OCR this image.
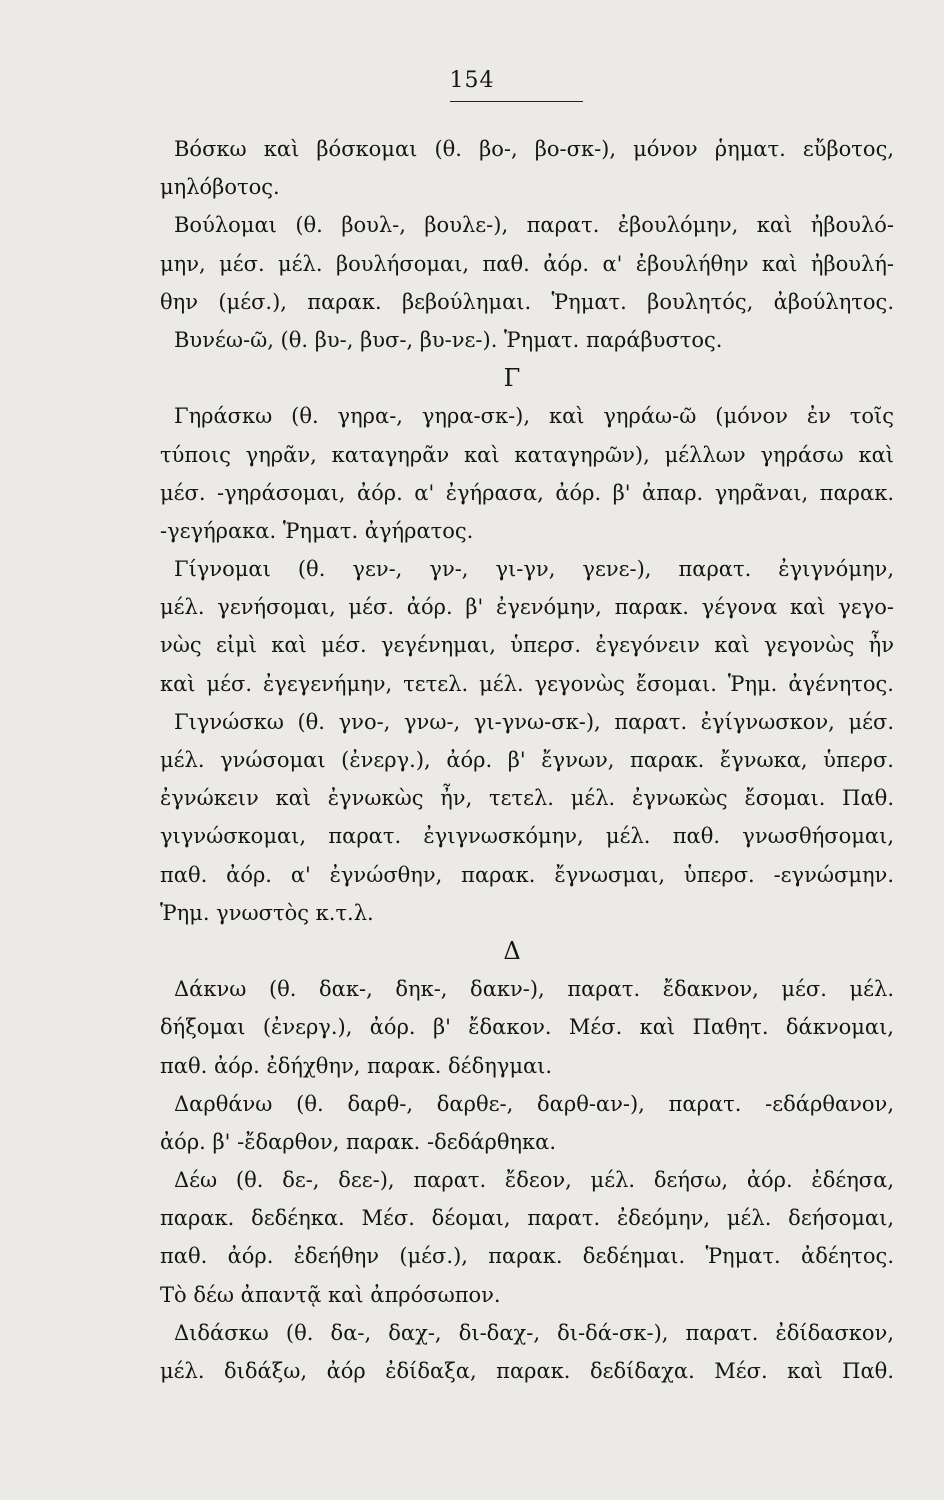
154
Βόσκω καὶ βόσκομαι (θ. βο-, βο-σκ-), μόνον ῥηματ. εὔβοτος,
μηλόβοτος.
Βούλομαι (θ. βουλ-, βουλε-), παρατ. ἐβουλόμην, καὶ ἠβουλό-
μην, μέσ. μέλ. βουλήσομαι, παθ. ἀόρ. α' ἐβουλήθην καὶ ἠβουλή-
θην (μέσ.), παρακ. βεβούλημαι. Ῥηματ. βουλητός, ἀβούλητος.
Βυνέω-ῶ, (θ. βυ-, βυσ-, βυ-νε-). Ῥηματ. παράβυστος.
Γ
Γηράσκω (θ. γηρα-, γηρα-σκ-), καὶ γηράω-ῶ (μόνον ἐν τοῖς
τύποις γηρᾶν, καταγηρᾶν καὶ καταγηρῶν), μέλλων γηράσω καὶ
μέσ. -γηράσομαι, ἀόρ. α' ἐγήρασα, ἀόρ. β' ἀπαρ. γηρᾶναι, παρακ.
-γεγήρακα. Ῥηματ. ἀγήρατος.
Γίγνομαι (θ. γεν-, γν-, γι-γν, γενε-), παρατ. ἐγιγνόμην,
μέλ. γενήσομαι, μέσ. ἀόρ. β' ἐγενόμην, παρακ. γέγονα καὶ γεγο-
νὼς εἰμὶ καὶ μέσ. γεγένημαι, ὑπερσ. ἐγεγόνειν καὶ γεγονὼς ἦν
καὶ μέσ. ἐγεγενήμην, τετελ. μέλ. γεγονὼς ἔσομαι. Ῥημ. ἀγένητος.
Γιγνώσκω (θ. γνο-, γνω-, γι-γνω-σκ-), παρατ. ἐγίγνωσκον, μέσ.
μέλ. γνώσομαι (ἐνεργ.), ἀόρ. β' ἔγνων, παρακ. ἔγνωκα, ὑπερσ.
ἐγνώκειν καὶ ἐγνωκὼς ἦν, τετελ. μέλ. ἐγνωκὼς ἔσομαι. Παθ.
γιγνώσκομαι, παρατ. ἐγιγνωσκόμην, μέλ. παθ. γνωσθήσομαι,
παθ. ἀόρ. α' ἐγνώσθην, παρακ. ἔγνωσμαι, ὑπερσ. -εγνώσμην.
Ῥημ. γνωστὸς κ.τ.λ.
Δ
Δάκνω (θ. δακ-, δηκ-, δακν-), παρατ. ἔδακνον, μέσ. μέλ.
δήξομαι (ἐνεργ.), ἀόρ. β' ἔδακον. Μέσ. καὶ Παθητ. δάκνομαι,
παθ. ἀόρ. ἐδήχθην, παρακ. δέδηγμαι.
Δαρθάνω (θ. δαρθ-, δαρθε-, δαρθ-αν-), παρατ. -εδάρθανον,
ἀόρ. β' -ἔδαρθον, παρακ. -δεδάρθηκα.
Δέω (θ. δε-, δεε-), παρατ. ἔδεον, μέλ. δεήσω, ἀόρ. ἐδέησα,
παρακ. δεδέηκα. Μέσ. δέομαι, παρατ. ἐδεόμην, μέλ. δεήσομαι,
παθ. ἀόρ. ἐδεήθην (μέσ.), παρακ. δεδέημαι. Ῥηματ. ἀδέητος.
Τὸ δέω ἀπαντᾷ καὶ ἀπρόσωπον.
Διδάσκω (θ. δα-, δαχ-, δι-δαχ-, δι-δά-σκ-), παρατ. ἐδίδασκον,
μέλ. διδάξω, ἀόρ ἐδίδαξα, παρακ. δεδίδαχα. Μέσ. καὶ Παθ.
